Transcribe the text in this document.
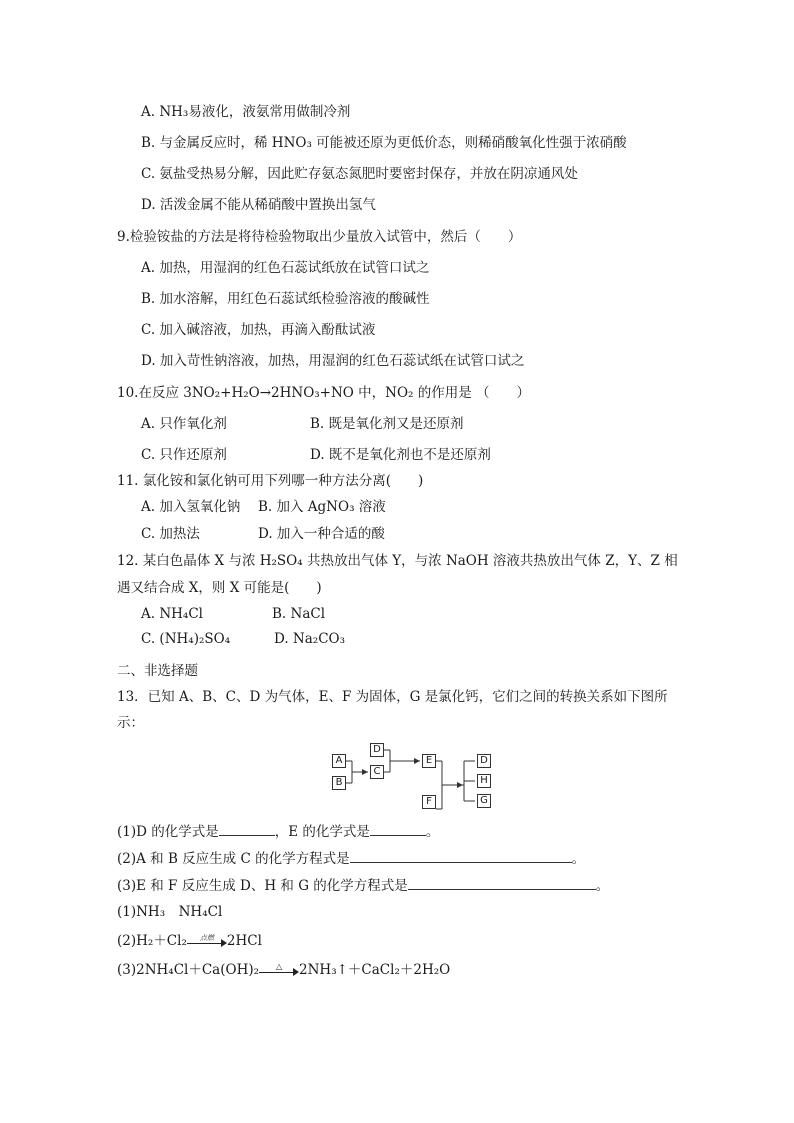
A. NH₃易液化，液氨常用做制冷剂
B. 与金属反应时，稀 HNO₃ 可能被还原为更低价态，则稀硝酸氧化性强于浓硝酸
C. 氨盐受热易分解，因此贮存氨态氮肥时要密封保存，并放在阴凉通风处
D. 活泼金属不能从稀硝酸中置换出氢气
9.检验铵盐的方法是将待检验物取出少量放入试管中，然后（　　）
A. 加热，用湿润的红色石蕊试纸放在试管口试之
B. 加水溶解，用红色石蕊试纸检验溶液的酸碱性
C. 加入碱溶液，加热，再滴入酚酞试液
D. 加入苛性钠溶液，加热，用湿润的红色石蕊试纸在试管口试之
10.在反应 3NO₂+H₂O→2HNO₃+NO 中，NO₂ 的作用是 （　　）
A. 只作氧化剂	B. 既是氧化剂又是还原剂
C. 只作还原剂	D. 既不是氧化剂也不是还原剂
11. 氯化铵和氯化钠可用下列哪一种方法分离(　　)
A. 加入氢氧化钠 B. 加入 AgNO₃ 溶液
C. 加热法	D. 加入一种合适的酸
12. 某白色晶体 X 与浓 H₂SO₄ 共热放出气体 Y，与浓 NaOH 溶液共热放出气体 Z，Y、Z 相
遇又结合成 X，则 X 可能是(　　)
A. NH₄Cl	B. NaCl
C. (NH₄)₂SO₄	D. Na₂CO₃
二、非选择题
13．已知 A、B、C、D 为气体，E、F 为固体，G 是氯化钙，它们之间的转换关系如下图所
示：
A
B
C
D
E
F
D
H
G
(1)D 的化学式是	，E 的化学式是	。
(2)A 和 B 反应生成 C 的化学方程式是	。
(3)E 和 F 反应生成 D、H 和 G 的化学方程式是	。
(1)NH₃　NH₄Cl
(2)H₂＋Cl₂	点燃 2HCl
(3)2NH₄Cl＋Ca(OH)₂	△	2NH₃↑＋CaCl₂＋2H₂O
